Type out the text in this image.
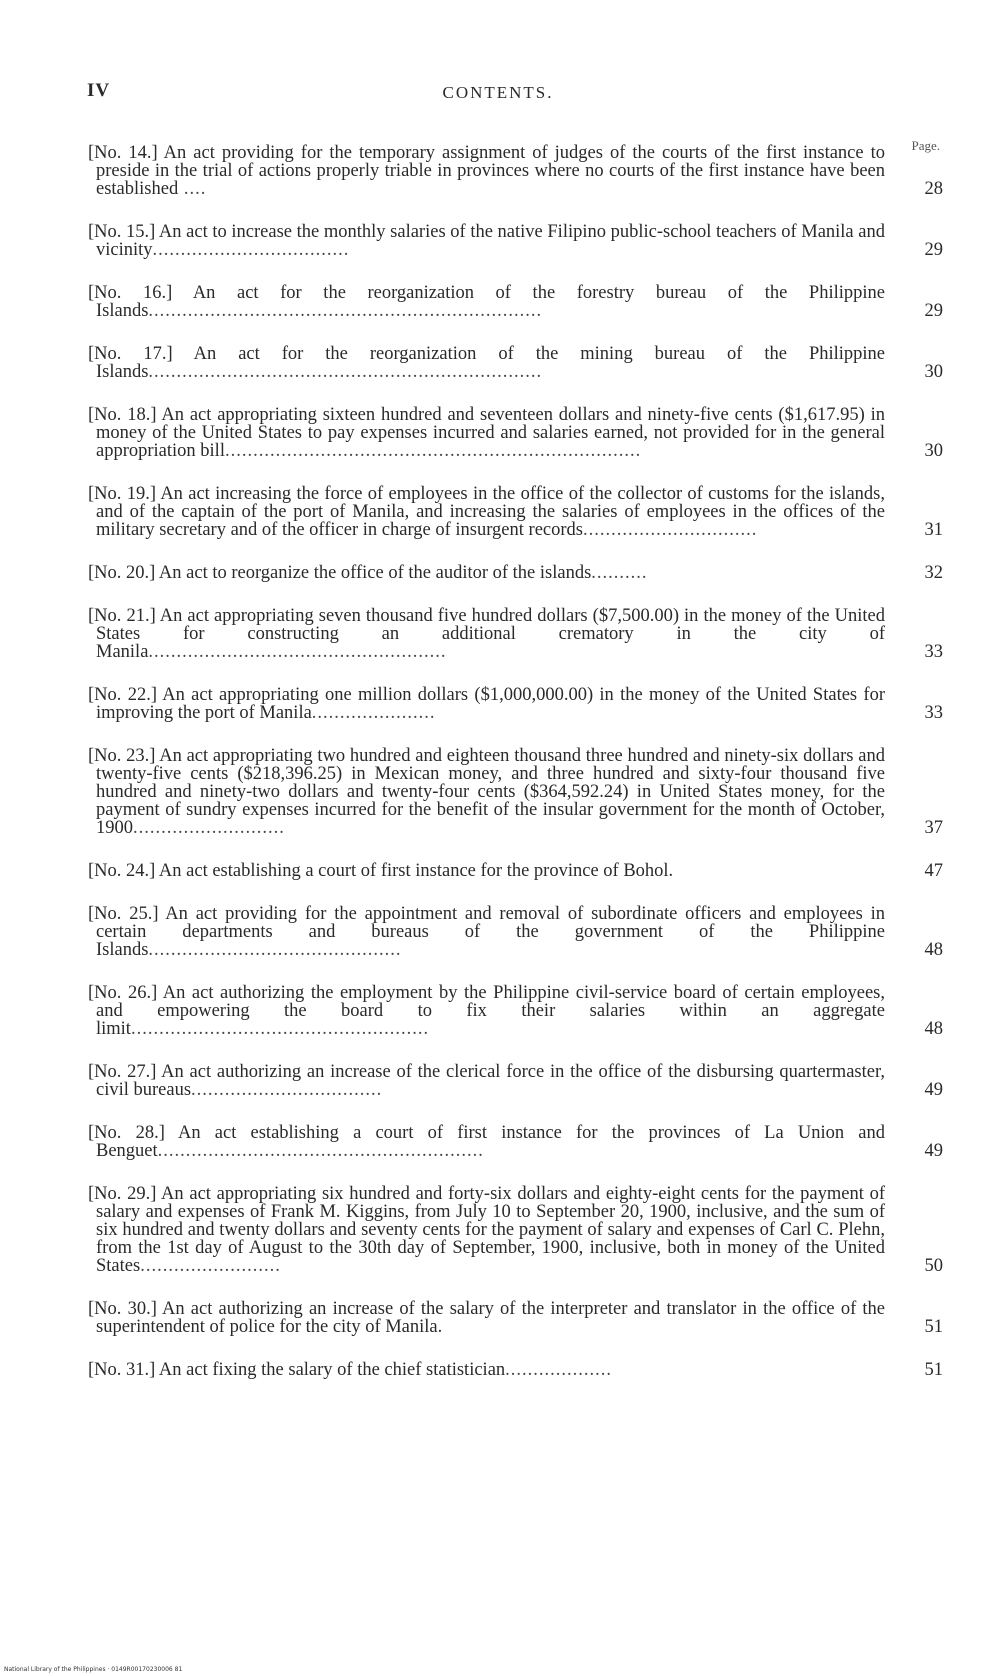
IV	CONTENTS.
Page.
[No. 14.] An act providing for the temporary assignment of judges of the courts of the first instance to preside in the trial of actions properly triable in provinces where no courts of the first instance have been established ....	28
[No. 15.] An act to increase the monthly salaries of the native Filipino public-school teachers of Manila and vicinity...................................	29
[No. 16.] An act for the reorganization of the forestry bureau of the Philippine Islands......................................................................	29
[No. 17.] An act for the reorganization of the mining bureau of the Philippine Islands......................................................................	30
[No. 18.] An act appropriating sixteen hundred and seventeen dollars and ninety-five cents ($1,617.95) in money of the United States to pay expenses incurred and salaries earned, not provided for in the general appropriation bill..........................................................................	30
[No. 19.] An act increasing the force of employees in the office of the collector of customs for the islands, and of the captain of the port of Manila, and increasing the salaries of employees in the offices of the military secretary and of the officer in charge of insurgent records...............................	31
[No. 20.] An act to reorganize the office of the auditor of the islands..........	32
[No. 21.] An act appropriating seven thousand five hundred dollars ($7,500.00) in the money of the United States for constructing an additional crematory in the city of Manila.....................................................	33
[No. 22.] An act appropriating one million dollars ($1,000,000.00) in the money of the United States for improving the port of Manila......................	33
[No. 23.] An act appropriating two hundred and eighteen thousand three hundred and ninety-six dollars and twenty-five cents ($218,396.25) in Mexican money, and three hundred and sixty-four thousand five hundred and ninety-two dollars and twenty-four cents ($364,592.24) in United States money, for the payment of sundry expenses incurred for the benefit of the insular government for the month of October, 1900...........................	37
[No. 24.] An act establishing a court of first instance for the province of Bohol.	47
[No. 25.] An act providing for the appointment and removal of subordinate officers and employees in certain departments and bureaus of the government of the Philippine Islands.............................................	48
[No. 26.] An act authorizing the employment by the Philippine civil-service board of certain employees, and empowering the board to fix their salaries within an aggregate limit.....................................................	48
[No. 27.] An act authorizing an increase of the clerical force in the office of the disbursing quartermaster, civil bureaus..................................	49
[No. 28.] An act establishing a court of first instance for the provinces of La Union and Benguet..........................................................	49
[No. 29.] An act appropriating six hundred and forty-six dollars and eighty-eight cents for the payment of salary and expenses of Frank M. Kiggins, from July 10 to September 20, 1900, inclusive, and the sum of six hundred and twenty dollars and seventy cents for the payment of salary and expenses of Carl C. Plehn, from the 1st day of August to the 30th day of September, 1900, inclusive, both in money of the United States.........................	50
[No. 30.] An act authorizing an increase of the salary of the interpreter and translator in the office of the superintendent of police for the city of Manila.	51
[No. 31.] An act fixing the salary of the chief statistician...................	51
National Library of the Philippines · 0149R00170230006 81
